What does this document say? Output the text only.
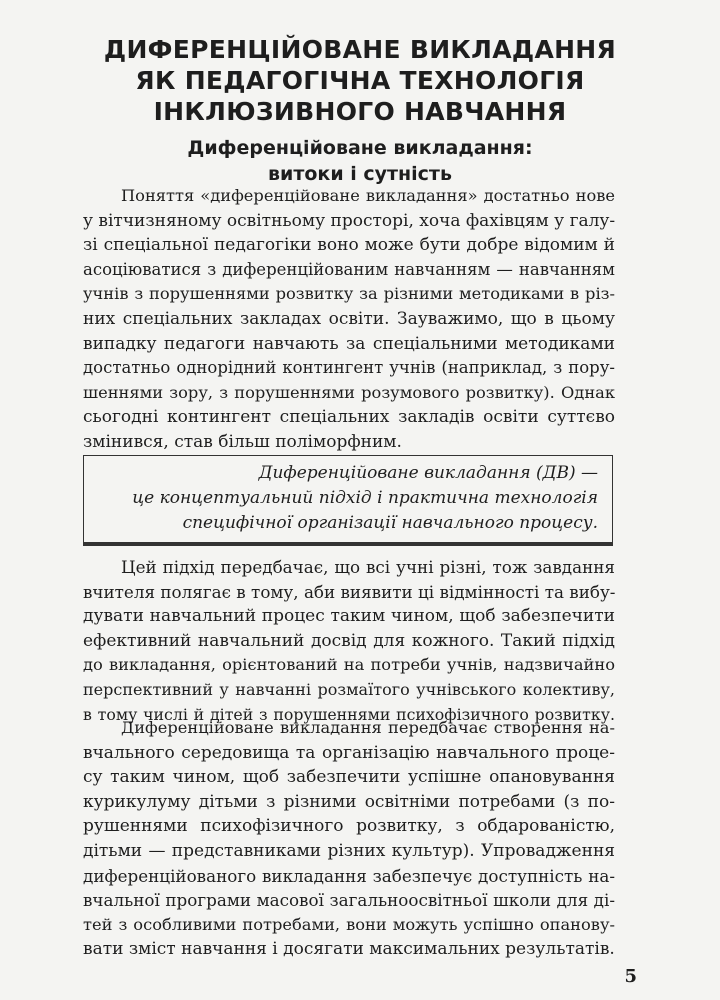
ДИФЕРЕНЦІЙОВАНЕ ВИКЛАДАННЯ
ЯК ПЕДАГОГІЧНА ТЕХНОЛОГІЯ
ІНКЛЮЗИВНОГО НАВЧАННЯ
Диференційоване викладання:
витоки і сутність

Поняття «диференційоване викладання» достатньо нове
у вітчизняному освітньому просторі, хоча фахівцям у галу-
зі спеціальної педагогіки воно може бути добре відомим й
асоціюватися з диференційованим навчанням — навчанням
учнів з порушеннями розвитку за різними методиками в різ-
них спеціальних закладах освіти. Зауважимо, що в цьому
випадку педагоги навчають за спеціальними методиками
достатньо однорідний контингент учнів (наприклад, з пору-
шеннями зору, з порушеннями розумового розвитку). Однак
сьогодні контингент спеціальних закладів освіти суттєво
змінився, став більш поліморфним.

Диференційоване викладання (ДВ) —
це концептуальний підхід і практична технологія
специфічної організації навчального процесу.

Цей підхід передбачає, що всі учні різні, тож завдання
вчителя полягає в тому, аби виявити ці відмінності та вибу-
дувати навчальний процес таким чином, щоб забезпечити
ефективний навчальний досвід для кожного. Такий підхід
до викладання, орієнтований на потреби учнів, надзвичайно
перспективний у навчанні розмаїтого учнівського колективу,
в тому числі й дітей з порушеннями психофізичного розвитку.

Диференційоване викладання передбачає створення на-
вчального середовища та організацію навчального проце-
су таким чином, щоб забезпечити успішне опановування
курикулуму дітьми з різними освітніми потребами (з по-
рушеннями психофізичного розвитку, з обдарованістю,
дітьми — представниками різних культур). Упровадження
диференційованого викладання забезпечує доступність на-
вчальної програми масової загальноосвітньої школи для ді-
тей з особливими потребами, вони можуть успішно опанову-
вати зміст навчання і досягати максимальних результатів.

5
